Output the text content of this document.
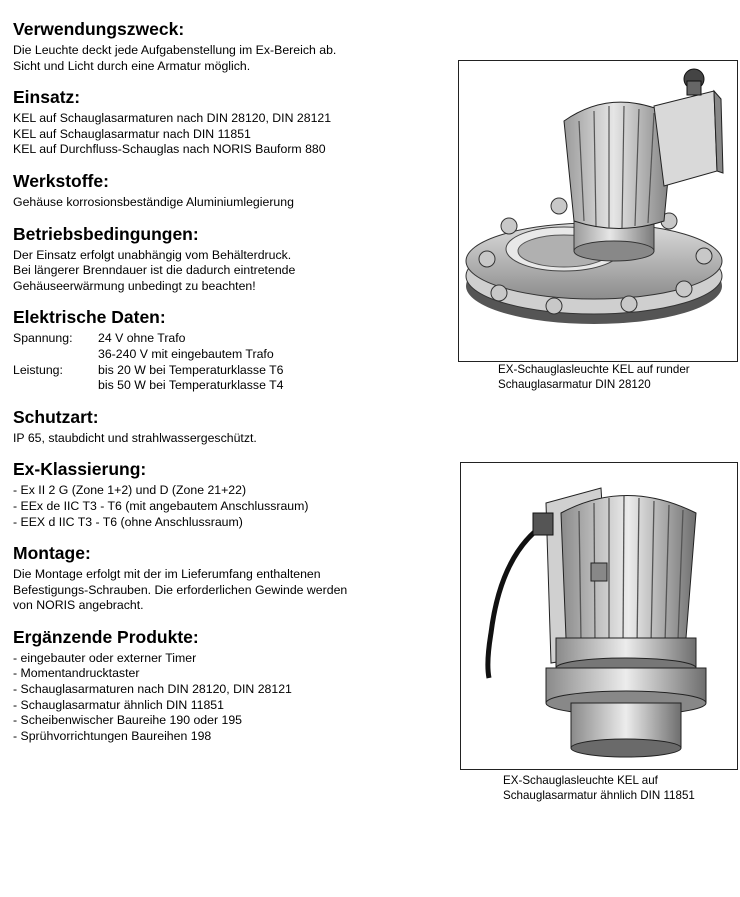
Verwendungszweck:

Die Leuchte deckt jede Aufgabenstellung im Ex-Bereich ab.

Sicht und Licht durch eine Armatur möglich.

Einsatz:

KEL auf Schauglasarmaturen nach DIN 28120, DIN 28121

KEL auf Schauglasarmatur nach DIN 11851

KEL auf Durchfluss-Schauglas nach NORIS Bauform 880

Werkstoffe:

Gehäuse korrosionsbeständige Aluminiumlegierung

Betriebsbedingungen:

Der Einsatz erfolgt unabhängig vom Behälterdruck.

Bei längerer Brenndauer ist die dadurch eintretende

Gehäuseerwärmung unbedingt zu beachten!

Elektrische Daten:
Spannung:	24 V ohne Trafo
36-240 V mit eingebautem Trafo
Leistung:	bis 20 W bei Temperaturklasse T6
bis 50 W bei Temperaturklasse T4
Schutzart:

IP 65, staubdicht und strahlwassergeschützt.

Ex-Klassierung:

- Ex II 2 G (Zone 1+2) und D (Zone 21+22)

- EEx de IIC T3 - T6 (mit angebautem Anschlussraum)

- EEX d IIC T3 - T6 (ohne Anschlussraum)

Montage:

Die Montage erfolgt mit der im Lieferumfang enthaltenen

Befestigungs-Schrauben. Die erforderlichen Gewinde werden

von NORIS angebracht.

Ergänzende Produkte:

- eingebauter oder externer Timer

- Momentandrucktaster

- Schauglasarmaturen nach DIN 28120, DIN 28121

- Schauglasarmatur ähnlich DIN 11851

- Scheibenwischer Baureihe 190 oder 195

- Sprühvorrichtungen Baureihen 198

EX-Schauglasleuchte KEL auf runder
Schauglasarmatur DIN 28120
EX-Schauglasleuchte KEL auf
Schauglasarmatur ähnlich DIN 11851
